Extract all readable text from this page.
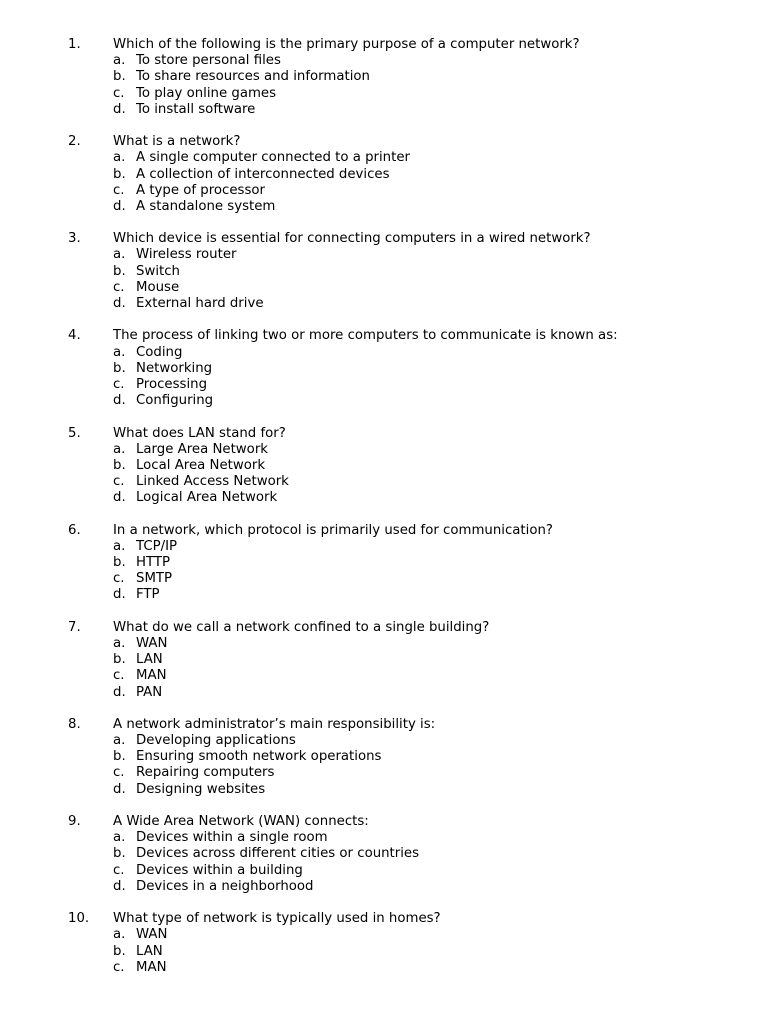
1. Which of the following is the primary purpose of a computer network?
a. To store personal files
b. To share resources and information
c. To play online games
d. To install software
2. What is a network?
a. A single computer connected to a printer
b. A collection of interconnected devices
c. A type of processor
d. A standalone system
3. Which device is essential for connecting computers in a wired network?
a. Wireless router
b. Switch
c. Mouse
d. External hard drive
4. The process of linking two or more computers to communicate is known as:
a. Coding
b. Networking
c. Processing
d. Configuring
5. What does LAN stand for?
a. Large Area Network
b. Local Area Network
c. Linked Access Network
d. Logical Area Network
6. In a network, which protocol is primarily used for communication?
a. TCP/IP
b. HTTP
c. SMTP
d. FTP
7. What do we call a network confined to a single building?
a. WAN
b. LAN
c. MAN
d. PAN
8. A network administrator’s main responsibility is:
a. Developing applications
b. Ensuring smooth network operations
c. Repairing computers
d. Designing websites
9. A Wide Area Network (WAN) connects:
a. Devices within a single room
b. Devices across different cities or countries
c. Devices within a building
d. Devices in a neighborhood
10. What type of network is typically used in homes?
a. WAN
b. LAN
c. MAN
